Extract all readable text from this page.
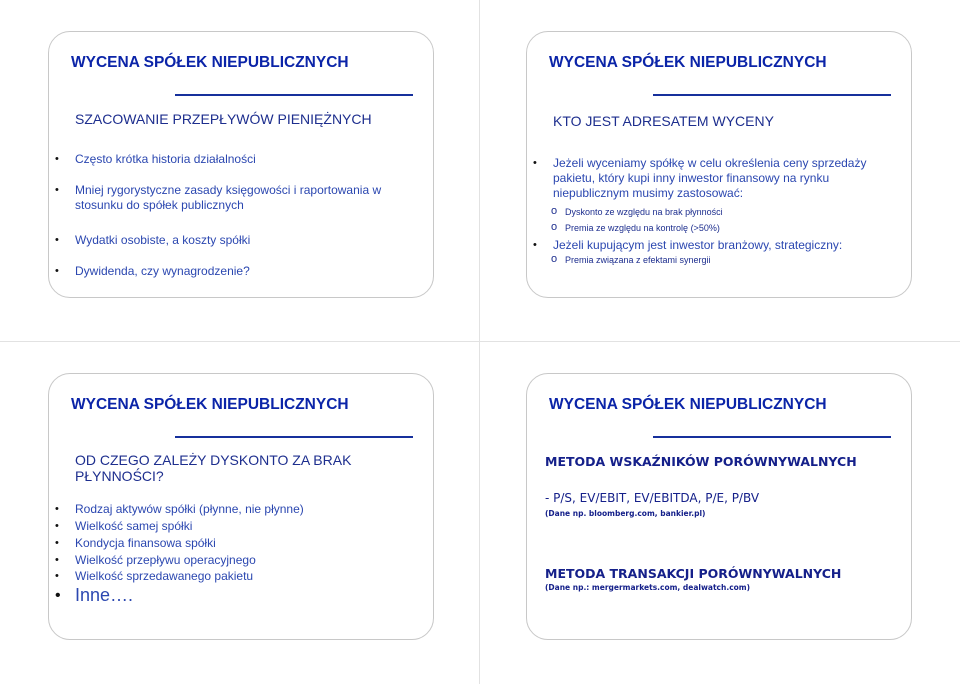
WYCENA SPÓŁEK NIEPUBLICZNYCH
SZACOWANIE PRZEPŁYWÓW PIENIĘŻNYCH
• Często krótka historia działalności
• Mniej rygorystyczne zasady księgowości i raportowania w stosunku do spółek publicznych
• Wydatki osobiste, a koszty spółki
• Dywidenda, czy wynagrodzenie?
WYCENA SPÓŁEK NIEPUBLICZNYCH
KTO JEST ADRESATEM WYCENY
• Jeżeli wyceniamy spółkę w celu określenia ceny sprzedaży pakietu, który kupi inny inwestor finansowy na rynku niepublicznym musimy zastosować:
o Dyskonto ze względu na brak płynności
o Premia ze względu na kontrolę (>50%)
• Jeżeli kupującym jest inwestor branżowy, strategiczny:
o Premia związana z efektami synergii
WYCENA SPÓŁEK NIEPUBLICZNYCH
OD CZEGO ZALEŻY DYSKONTO ZA BRAK PŁYNNOŚCI?
• Rodzaj aktywów spółki (płynne, nie płynne)
• Wielkość samej spółki
• Kondycja finansowa spółki
• Wielkość przepływu operacyjnego
• Wielkość sprzedawanego pakietu
• Inne….
WYCENA SPÓŁEK NIEPUBLICZNYCH
METODA WSKAŹNIKÓW PORÓWNYWALNYCH
- P/S, EV/EBIT, EV/EBITDA, P/E, P/BV
(Dane np. bloomberg.com, bankier.pl)
METODA TRANSAKCJI PORÓWNYWALNYCH
(Dane np.: mergermarkets.com, dealwatch.com)
